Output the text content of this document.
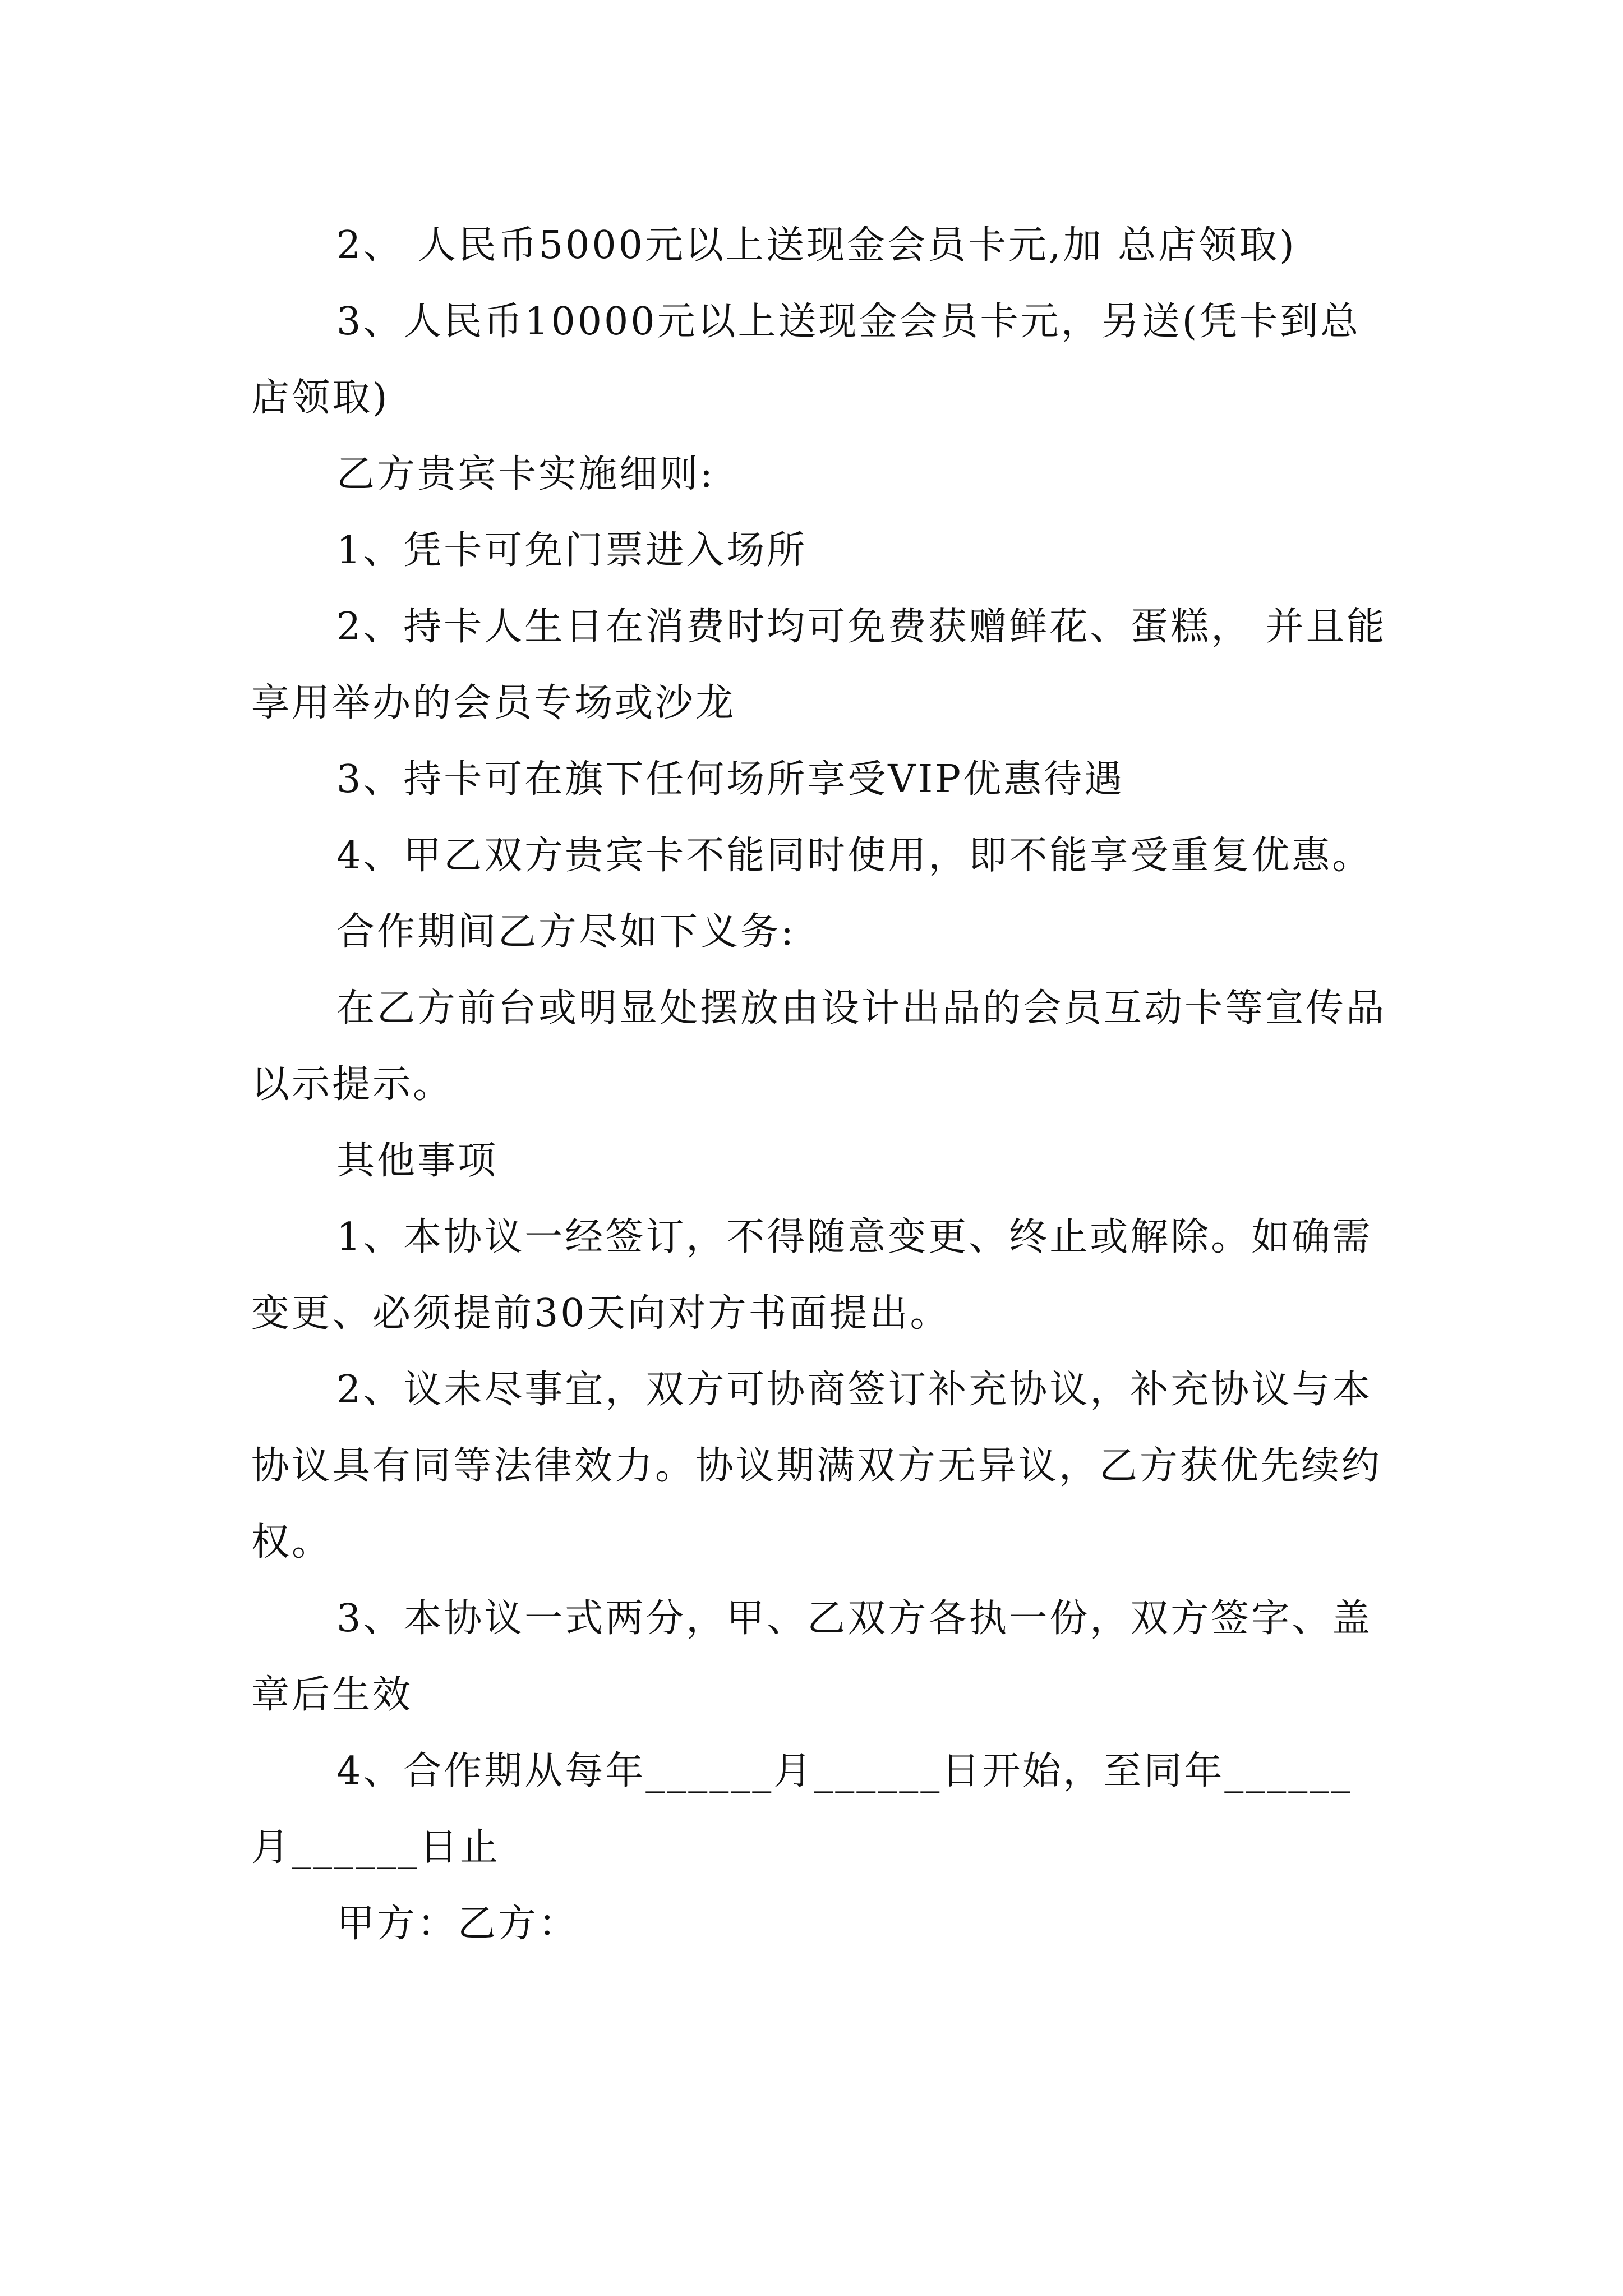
2、 人民币5000元以上送现金会员卡元,加 总店领取)

3、人民币10000元以上送现金会员卡元，另送(凭卡到总店领取)

乙方贵宾卡实施细则:

1、凭卡可免门票进入场所

2、持卡人生日在消费时均可免费获赠鲜花、蛋糕， 并且能享用举办的会员专场或沙龙

3、持卡可在旗下任何场所享受VIP优惠待遇

4、甲乙双方贵宾卡不能同时使用，即不能享受重复优惠。

合作期间乙方尽如下义务:

在乙方前台或明显处摆放由设计出品的会员互动卡等宣传品以示提示。

其他事项

1、本协议一经签订，不得随意变更、终止或解除。如确需变更、必须提前30天向对方书面提出。

2、议未尽事宜，双方可协商签订补充协议，补充协议与本协议具有同等法律效力。协议期满双方无异议，乙方获优先续约权。

3、本协议一式两分，甲、乙双方各执一份，双方签字、盖章后生效

4、合作期从每年______月______日开始，至同年______月______日止

甲方：乙方：
